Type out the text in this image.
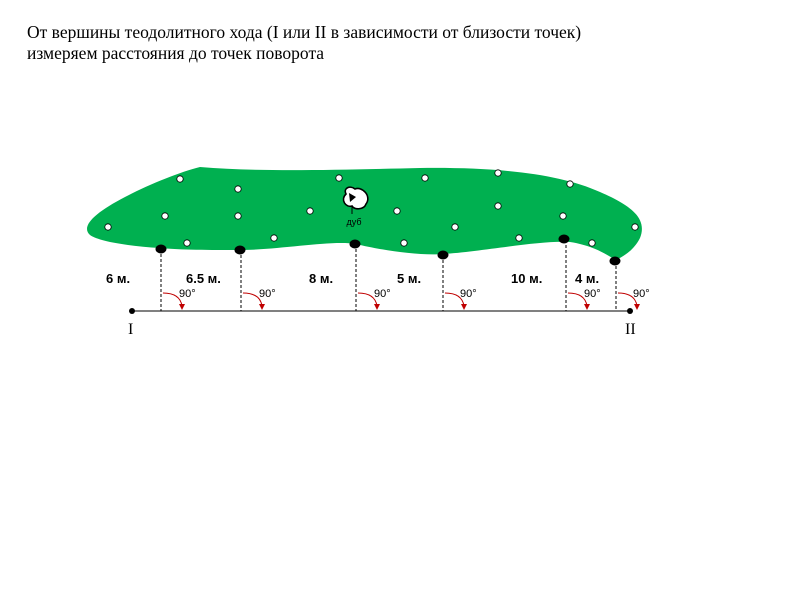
От вершины теодолитного хода (I или II в зависимости от близости точек)
измеряем расстояния до точек поворота
дуб
I	II
6 м.	6.5 м.	8 м.	5 м.	10 м.	4 м.
90°	90°	90°	90°	90°	90°
